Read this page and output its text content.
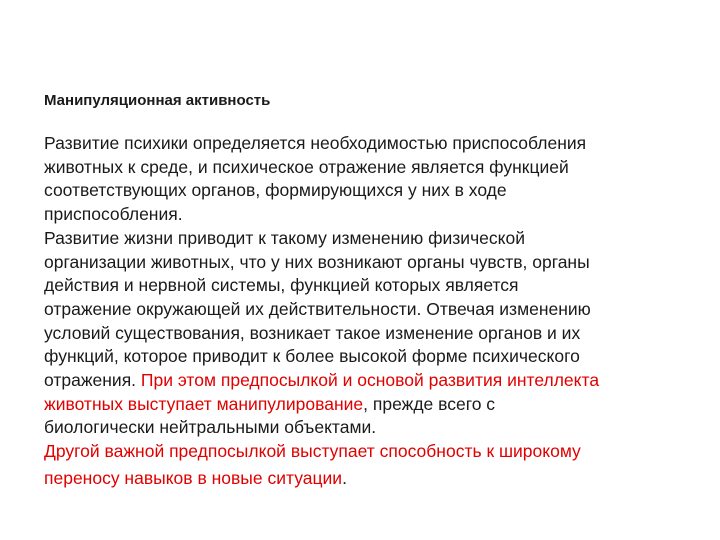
Манипуляционная активность
Развитие психики определяется необходимостью приспособления
животных к среде, и психическое отражение является функцией
соответствующих органов, формирующихся у них в ходе
приспособления.
Развитие жизни приводит к такому изменению физической
организации животных, что у них возникают органы чувств, органы
действия и нервной системы, функцией которых является
отражение окружающей их действительности. Отвечая изменению
условий существования, возникает такое изменение органов и их
функций, которое приводит к более высокой форме психического
отражения. При этом предпосылкой и основой развития интеллекта
животных выступает манипулирование, прежде всего с
биологически нейтральными объектами.
Другой важной предпосылкой выступает способность к широкому
переносу навыков в новые ситуации.
